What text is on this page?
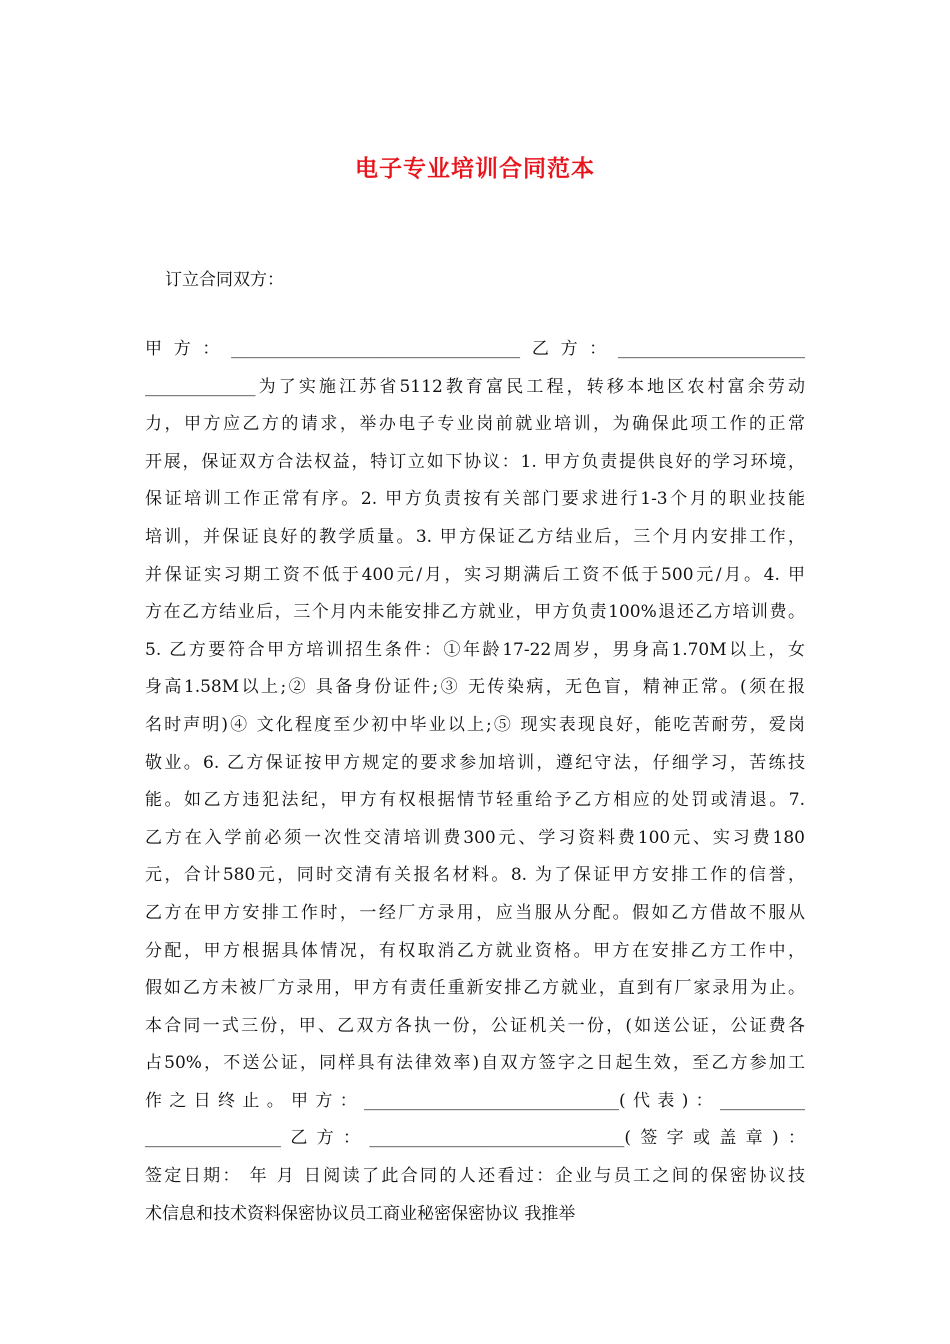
电子专业培训合同范本
订立合同双方：
甲方：__________________________________乙方：______________________
_____________为了实施江苏省5112教育富民工程，转移本地区农村富余劳动
力，甲方应乙方的请求，举办电子专业岗前就业培训，为确保此项工作的正常
开展，保证双方合法权益，特订立如下协议：1. 甲方负责提供良好的学习环境，
保证培训工作正常有序。2. 甲方负责按有关部门要求进行1-3个月的职业技能
培训，并保证良好的教学质量。3. 甲方保证乙方结业后，三个月内安排工作，
并保证实习期工资不低于400元/月，实习期满后工资不低于500元/月。4. 甲
方在乙方结业后，三个月内未能安排乙方就业，甲方负责100%退还乙方培训费。
5. 乙方要符合甲方培训招生条件：①年龄17-22周岁，男身高1.70M以上，女
身高1.58M以上;② 具备身份证件;③ 无传染病，无色盲，精神正常。(须在报
名时声明)④ 文化程度至少初中毕业以上;⑤ 现实表现良好，能吃苦耐劳，爱岗
敬业。6. 乙方保证按甲方规定的要求参加培训，遵纪守法，仔细学习，苦练技
能。如乙方违犯法纪，甲方有权根据情节轻重给予乙方相应的处罚或清退。7.
乙方在入学前必须一次性交清培训费300元、学习资料费100元、实习费180
元，合计580元，同时交清有关报名材料。8. 为了保证甲方安排工作的信誉，
乙方在甲方安排工作时，一经厂方录用，应当服从分配。假如乙方借故不服从
分配，甲方根据具体情况，有权取消乙方就业资格。甲方在安排乙方工作中，
假如乙方未被厂方录用，甲方有责任重新安排乙方就业，直到有厂家录用为止。
本合同一式三份，甲、乙双方各执一份，公证机关一份，(如送公证，公证费各
占50%，不送公证，同样具有法律效率)自双方签字之日起生效，至乙方参加工
作之日终止。甲方：______________________________(代表)：__________
________________乙方：______________________________(签字或盖章)：
签定日期： 年 月 日阅读了此合同的人还看过：企业与员工之间的保密协议技
术信息和技术资料保密协议员工商业秘密保密协议 我推举
